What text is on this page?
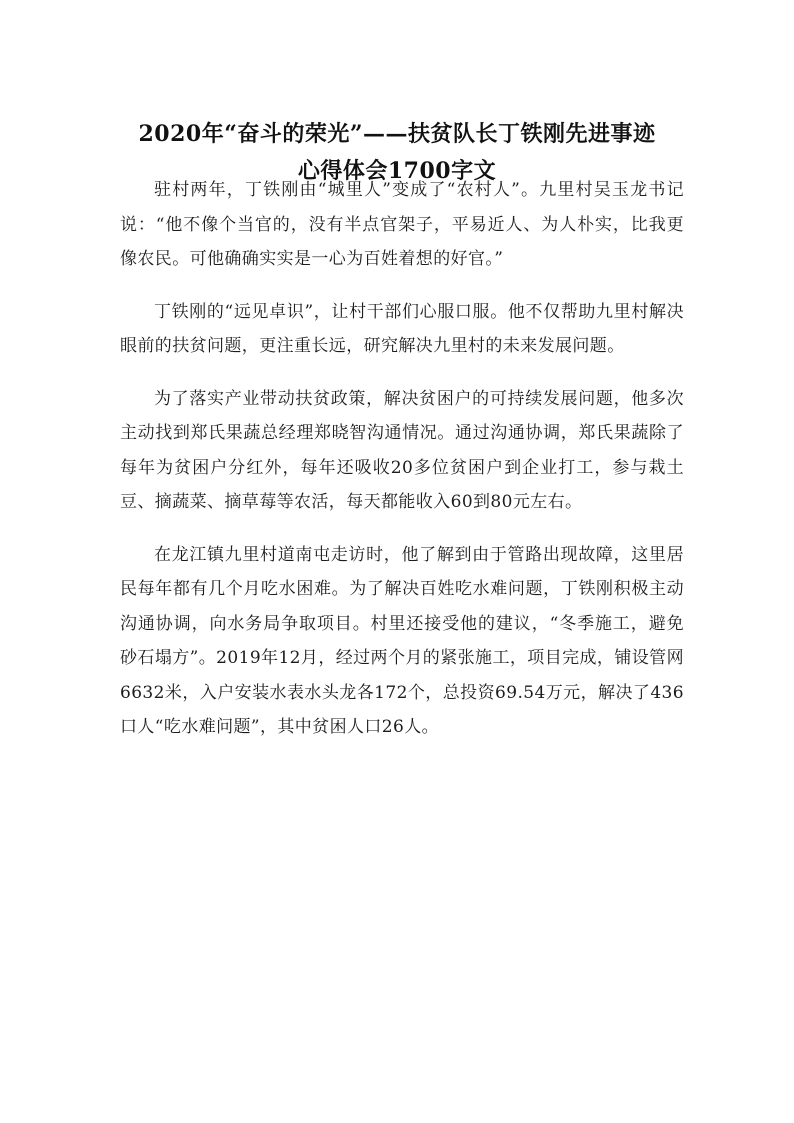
2020年“奋斗的荣光”——扶贫队长丁铁刚先进事迹
心得体会1700字文

驻村两年，丁铁刚由“城里人”变成了“农村人”。九里村吴玉龙书记说：“他不像个当官的，没有半点官架子，平易近人、为人朴实，比我更像农民。可他确确实实是一心为百姓着想的好官。”

丁铁刚的“远见卓识”，让村干部们心服口服。他不仅帮助九里村解决眼前的扶贫问题，更注重长远，研究解决九里村的未来发展问题。

为了落实产业带动扶贫政策，解决贫困户的可持续发展问题，他多次主动找到郑氏果蔬总经理郑晓智沟通情况。通过沟通协调，郑氏果蔬除了每年为贫困户分红外，每年还吸收20多位贫困户到企业打工，参与栽土豆、摘蔬菜、摘草莓等农活，每天都能收入60到80元左右。

在龙江镇九里村道南屯走访时，他了解到由于管路出现故障，这里居民每年都有几个月吃水困难。为了解决百姓吃水难问题，丁铁刚积极主动沟通协调，向水务局争取项目。村里还接受他的建议，“冬季施工，避免砂石塌方”。2019年12月，经过两个月的紧张施工，项目完成，铺设管网6632米，入户安装水表水头龙各172个，总投资69.54万元，解决了436口人“吃水难问题”，其中贫困人口26人。
